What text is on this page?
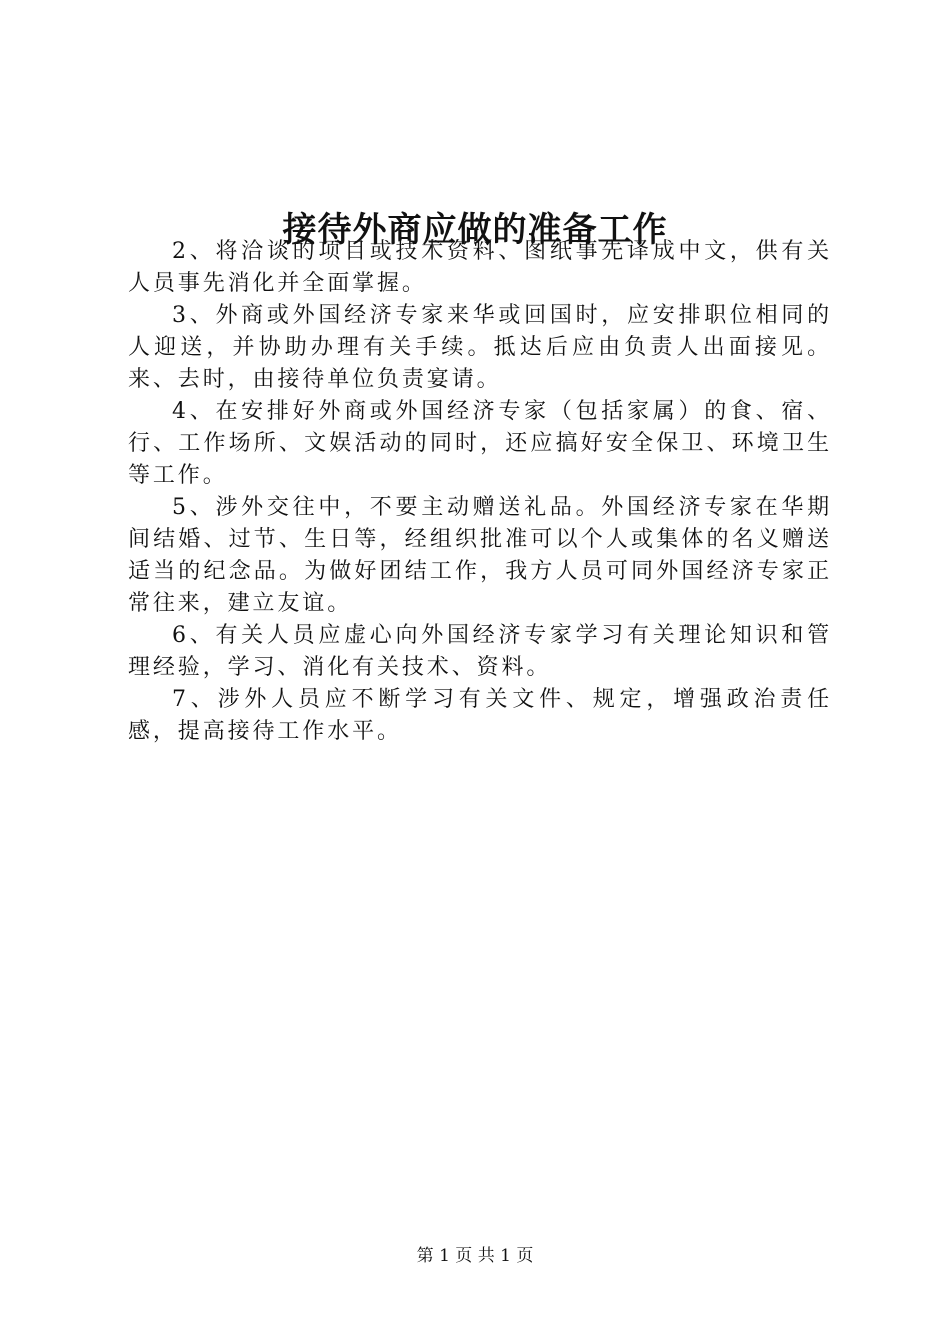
接待外商应做的准备工作

2、将洽谈的项目或技术资料、图纸事先译成中文，供有关人员事先消化并全面掌握。

3、外商或外国经济专家来华或回国时，应安排职位相同的人迎送，并协助办理有关手续。抵达后应由负责人出面接见。来、去时，由接待单位负责宴请。

4、在安排好外商或外国经济专家（包括家属）的食、宿、行、工作场所、文娱活动的同时，还应搞好安全保卫、环境卫生等工作。

5、涉外交往中，不要主动赠送礼品。外国经济专家在华期间结婚、过节、生日等，经组织批准可以个人或集体的名义赠送适当的纪念品。为做好团结工作，我方人员可同外国经济专家正常往来，建立友谊。

6、有关人员应虚心向外国经济专家学习有关理论知识和管理经验，学习、消化有关技术、资料。

7、涉外人员应不断学习有关文件、规定，增强政治责任感，提高接待工作水平。

第 1 页 共 1 页
